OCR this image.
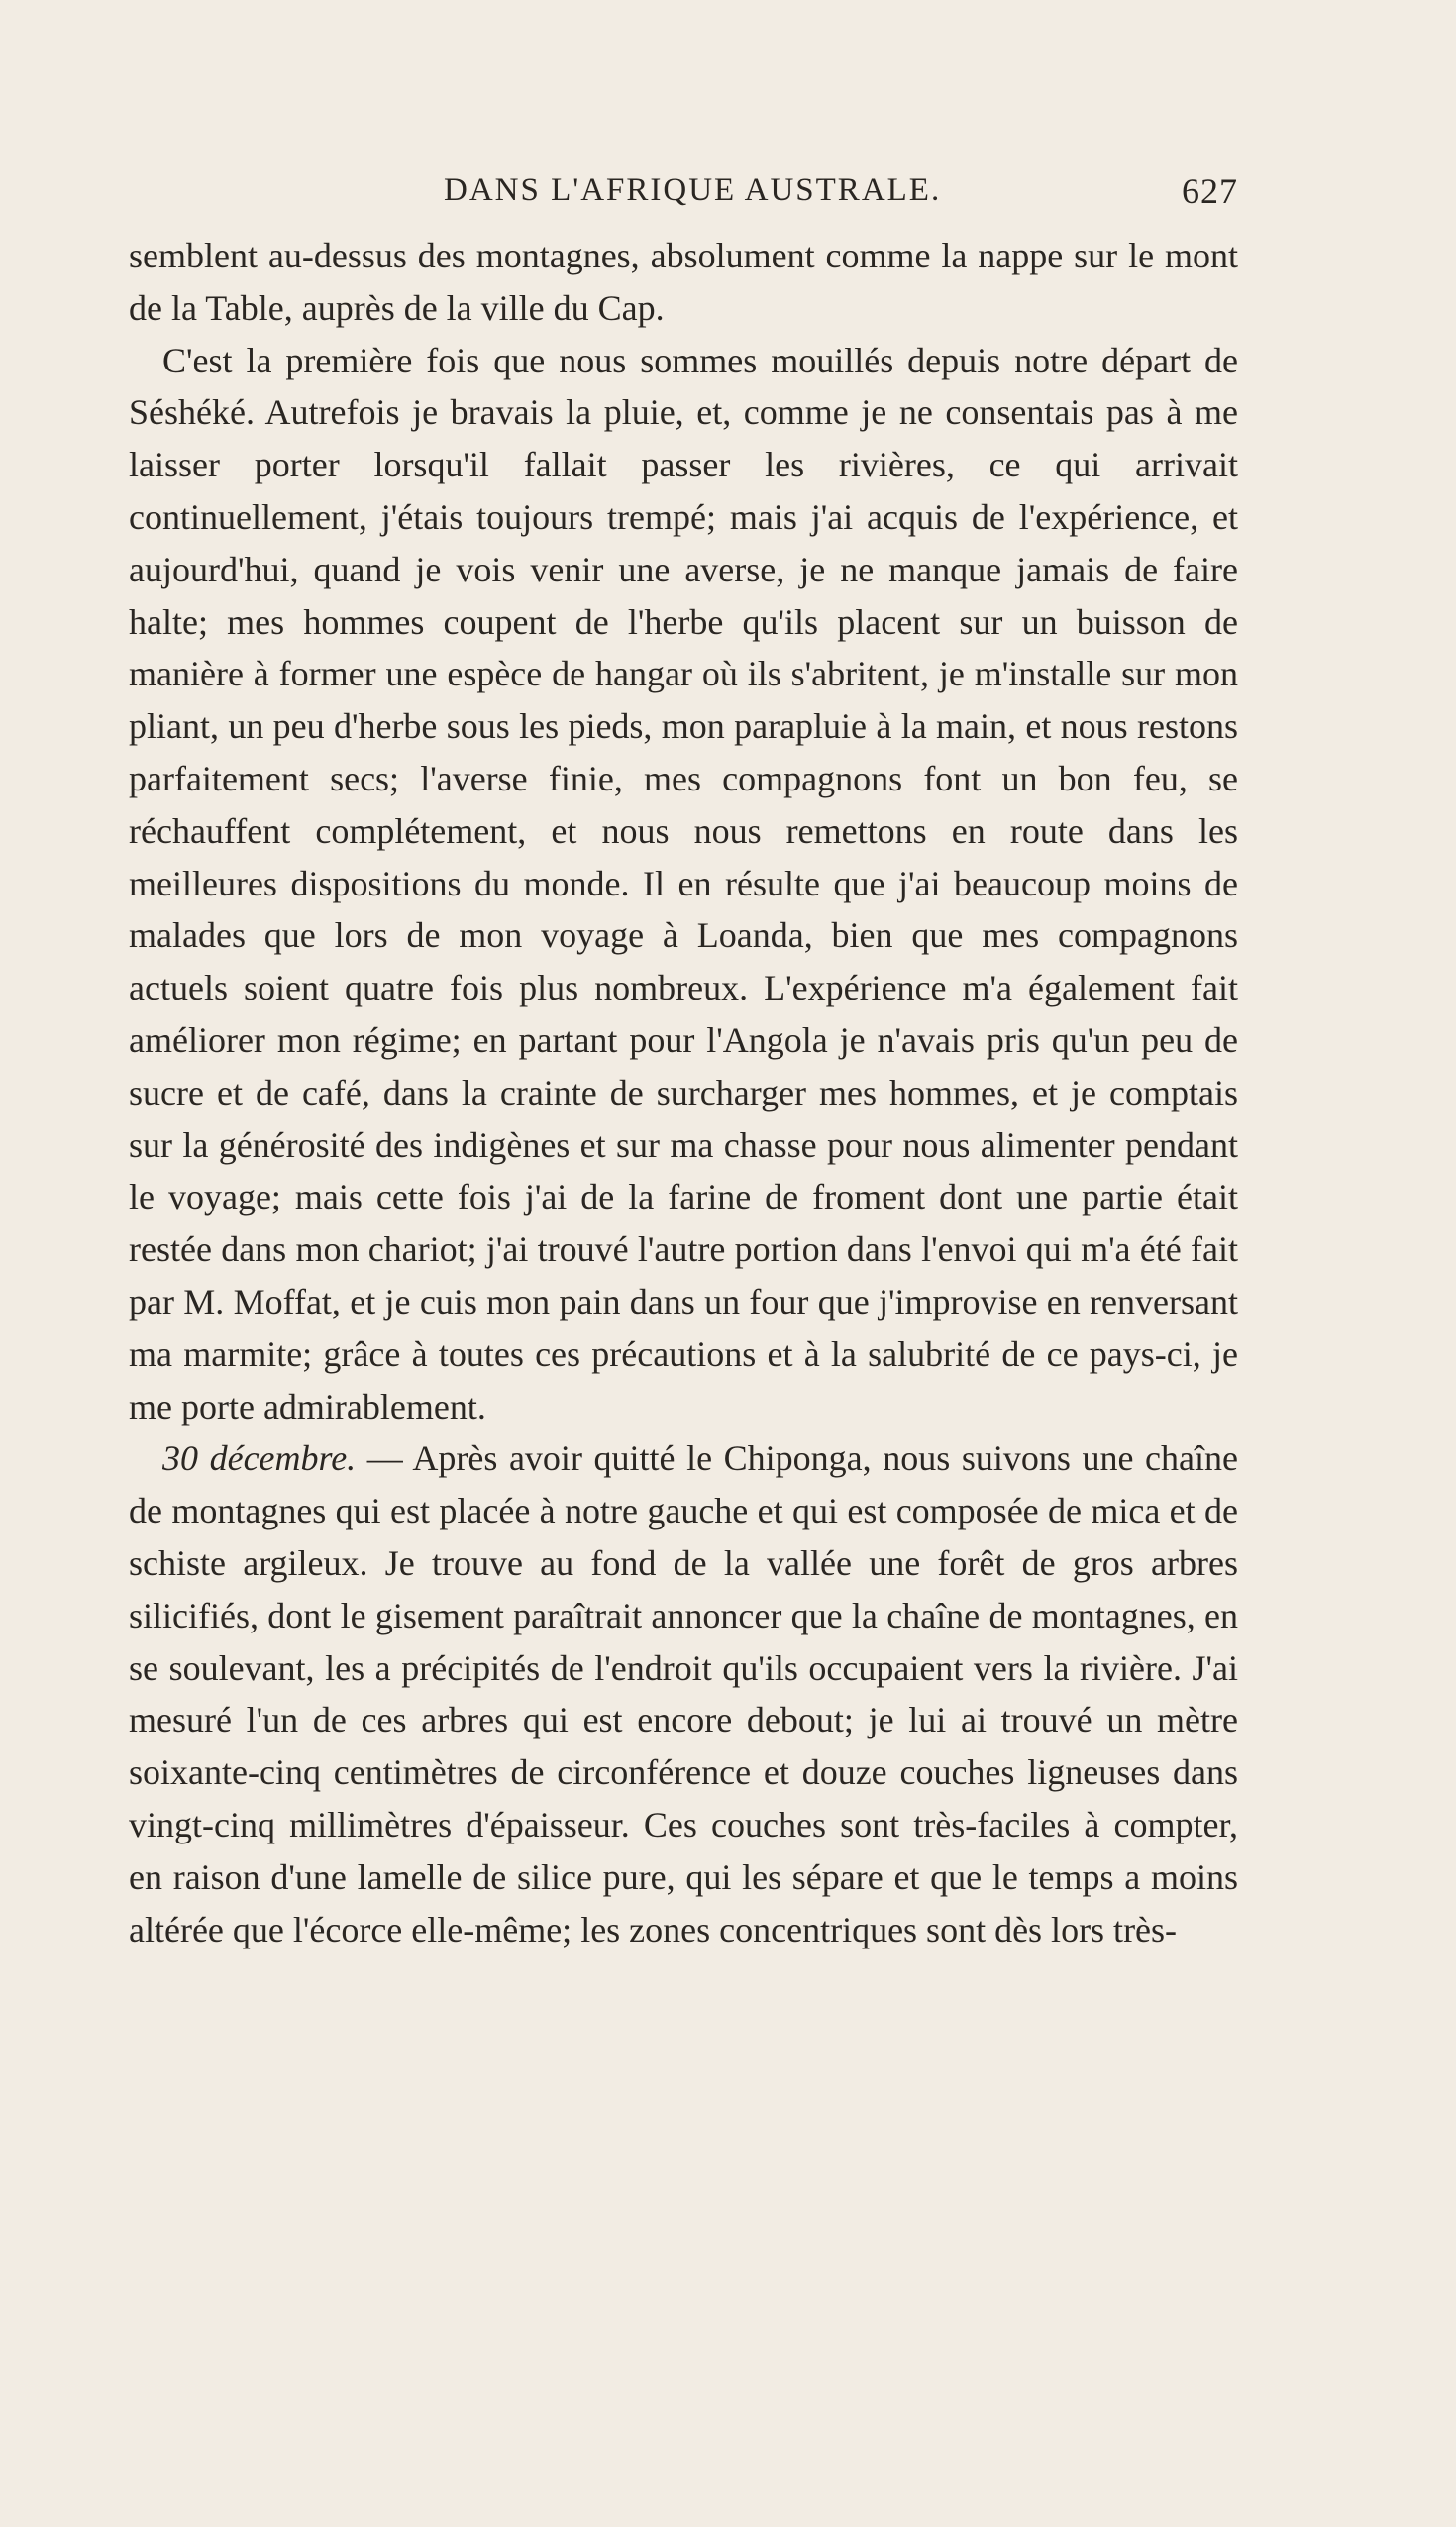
DANS L'AFRIQUE AUSTRALE.	627

semblent au-dessus des montagnes, absolument comme la nappe sur le mont de la Table, auprès de la ville du Cap.

C'est la première fois que nous sommes mouillés depuis notre départ de Séshéké. Autrefois je bravais la pluie, et, comme je ne consentais pas à me laisser porter lorsqu'il fallait passer les rivières, ce qui arrivait continuellement, j'étais toujours trempé; mais j'ai acquis de l'expérience, et aujourd'hui, quand je vois venir une averse, je ne manque jamais de faire halte; mes hommes coupent de l'herbe qu'ils placent sur un buisson de manière à former une espèce de hangar où ils s'abritent, je m'installe sur mon pliant, un peu d'herbe sous les pieds, mon parapluie à la main, et nous restons parfaitement secs; l'averse finie, mes compagnons font un bon feu, se réchauffent complétement, et nous nous remettons en route dans les meilleures dispositions du monde. Il en résulte que j'ai beaucoup moins de malades que lors de mon voyage à Loanda, bien que mes compagnons actuels soient quatre fois plus nombreux. L'expérience m'a également fait améliorer mon régime; en partant pour l'Angola je n'avais pris qu'un peu de sucre et de café, dans la crainte de surcharger mes hommes, et je comptais sur la générosité des indigènes et sur ma chasse pour nous alimenter pendant le voyage; mais cette fois j'ai de la farine de froment dont une partie était restée dans mon chariot; j'ai trouvé l'autre portion dans l'envoi qui m'a été fait par M. Moffat, et je cuis mon pain dans un four que j'improvise en renversant ma marmite; grâce à toutes ces précautions et à la salubrité de ce pays-ci, je me porte admirablement.

30 décembre. — Après avoir quitté le Chiponga, nous suivons une chaîne de montagnes qui est placée à notre gauche et qui est composée de mica et de schiste argileux. Je trouve au fond de la vallée une forêt de gros arbres silicifiés, dont le gisement paraîtrait annoncer que la chaîne de montagnes, en se soulevant, les a précipités de l'endroit qu'ils occupaient vers la rivière. J'ai mesuré l'un de ces arbres qui est encore debout; je lui ai trouvé un mètre soixante-cinq centimètres de circonférence et douze couches ligneuses dans vingt-cinq millimètres d'épaisseur. Ces couches sont très-faciles à compter, en raison d'une lamelle de silice pure, qui les sépare et que le temps a moins altérée que l'écorce elle-même; les zones concentriques sont dès lors très-
